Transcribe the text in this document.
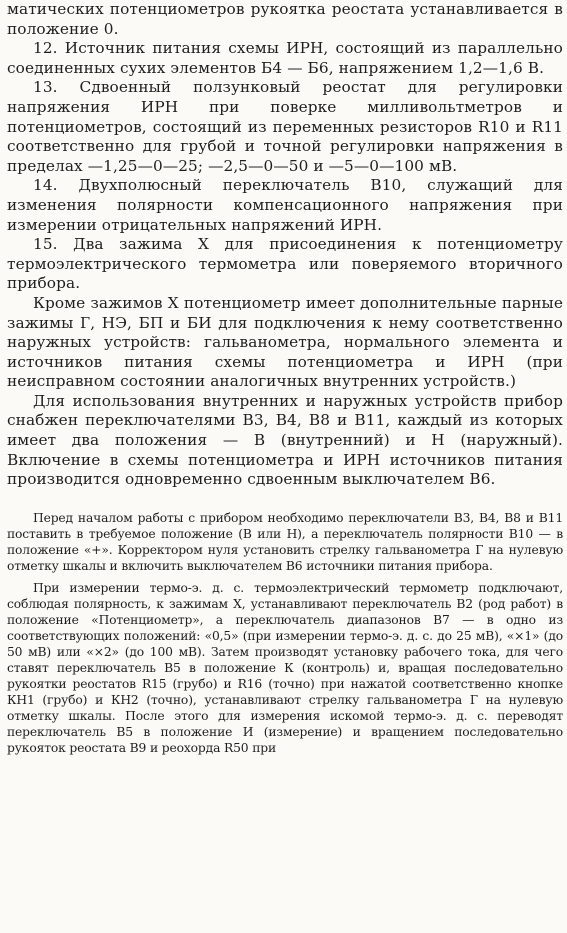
матических потенциометров рукоятка реостата устанавливается в положение 0.

12. Источник питания схемы ИРН, состоящий из параллельно соединенных сухих элементов Б4 — Б6, напряжением 1,2—1,6 В.

13. Сдвоенный ползунковый реостат для регулировки напряжения ИРН при поверке милливольтметров и потенциометров, состоящий из переменных резисторов R10 и R11 соответственно для грубой и точной регулировки напряжения в пределах —1,25—0—25; —2,5—0—50 и —5—0—100 мВ.

14. Двухполюсный переключатель В10, служащий для изменения полярности компенсационного напряжения при измерении отрицательных напряжений ИРН.

15. Два зажима X для присоединения к потенциометру термоэлектрического термометра или поверяемого вторичного прибора.

Кроме зажимов X потенциометр имеет дополнительные парные зажимы Г, НЭ, БП и БИ для подключения к нему соответственно наружных устройств: гальванометра, нормального элемента и источников питания схемы потенциометра и ИРН (при неисправном состоянии аналогичных внутренних устройств.)

Для использования внутренних и наружных устройств прибор снабжен переключателями В3, В4, В8 и В11, каждый из которых имеет два положения — В (внутренний) и Н (наружный). Включение в схемы потенциометра и ИРН источников питания производится одновременно сдвоенным выключателем В6.

Перед началом работы с прибором необходимо переключатели В3, В4, В8 и В11 поставить в требуемое положение (В или Н), а переключатель полярности В10 — в положение «+». Корректором нуля установить стрелку гальванометра Г на нулевую отметку шкалы и включить выключателем В6 источники питания прибора.

При измерении термо-э. д. с. термоэлектрический термометр подключают, соблюдая полярность, к зажимам X, устанавливают переключатель В2 (род работ) в положение «Потенциометр», а переключатель диапазонов В7 — в одно из соответствующих положений: «0,5» (при измерении термо-э. д. с. до 25 мВ), «×1» (до 50 мВ) или «×2» (до 100 мВ). Затем производят установку рабочего тока, для чего ставят переключатель В5 в положение К (контроль) и, вращая последовательно рукоятки реостатов R15 (грубо) и R16 (точно) при нажатой соответственно кнопке КН1 (грубо) и КН2 (точно), устанавливают стрелку гальванометра Г на нулевую отметку шкалы. После этого для измерения искомой термо-э. д. с. переводят переключатель В5 в положение И (измерение) и вращением последовательно рукояток реостата В9 и реохорда R50 при
